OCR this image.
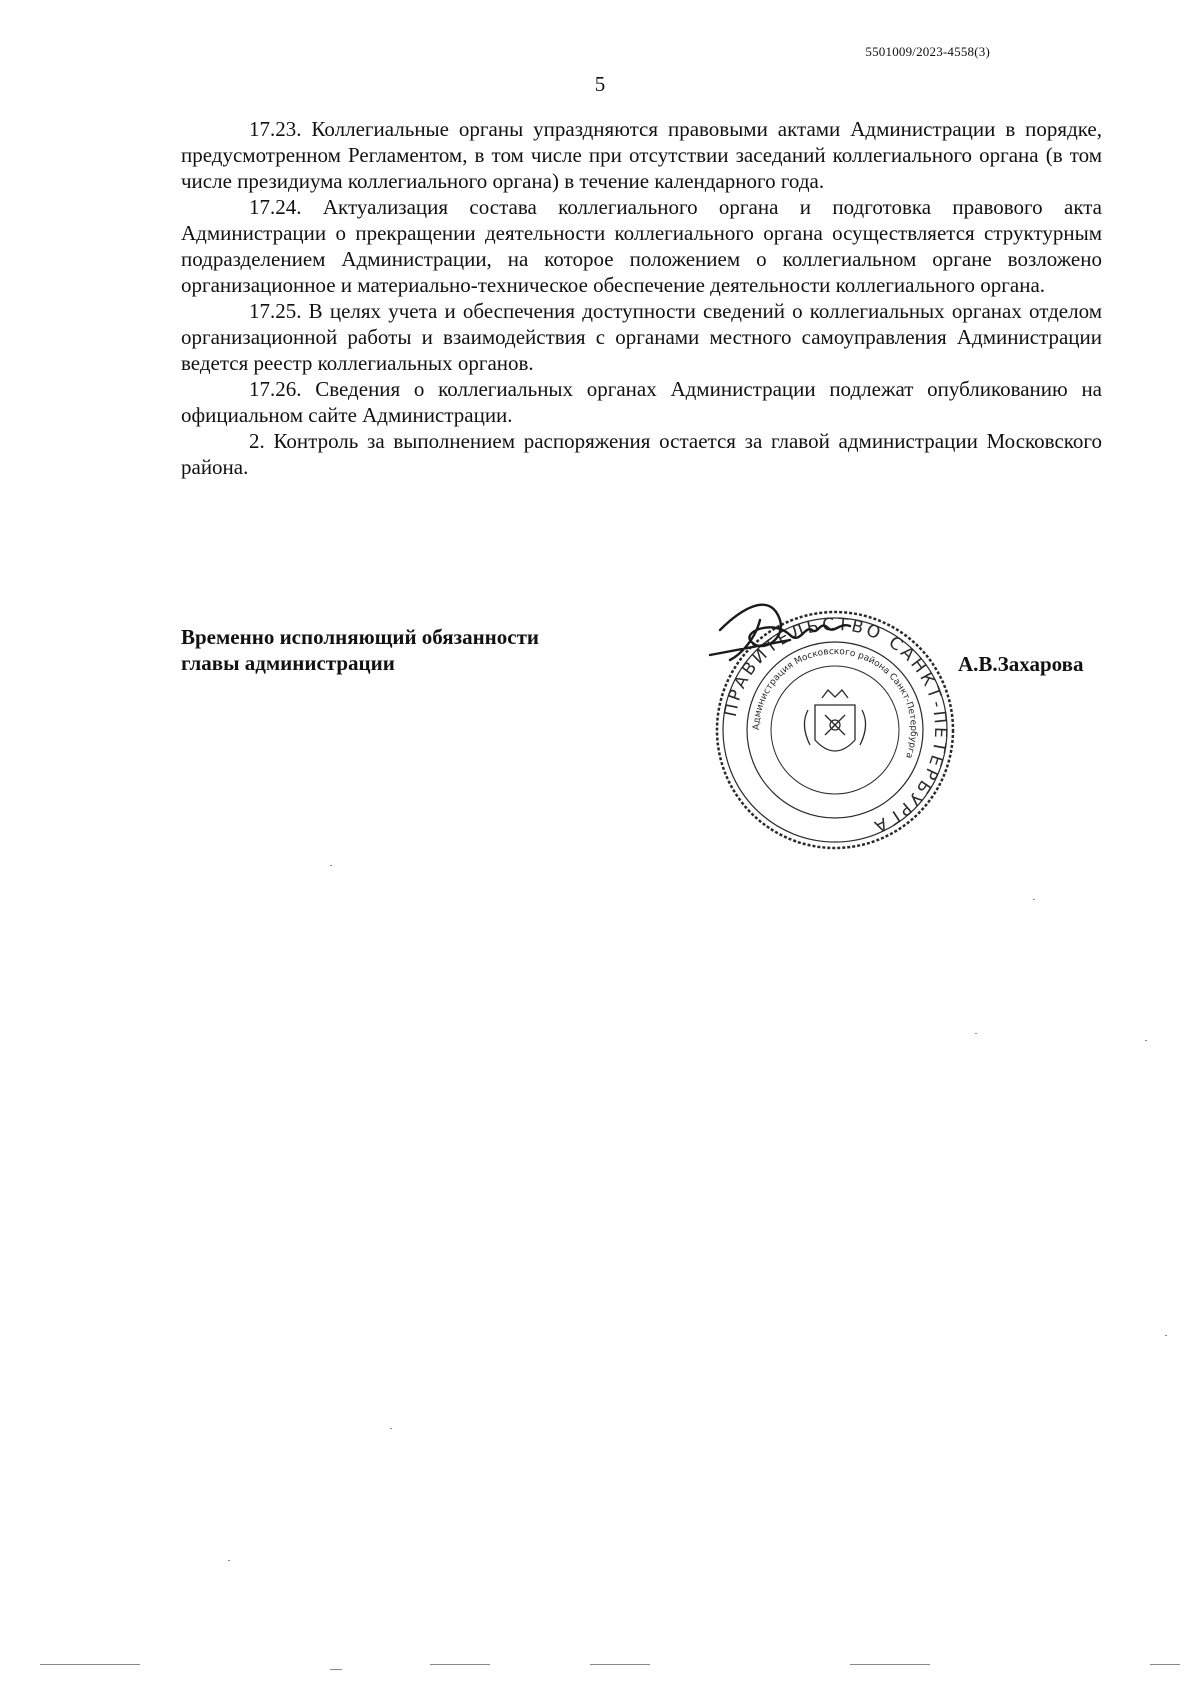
5501009/2023-4558(3)
5

17.23. Коллегиальные органы упраздняются правовыми актами Администрации в порядке, предусмотренном Регламентом, в том числе при отсутствии заседаний коллегиального органа (в том числе президиума коллегиального органа) в течение календарного года.

17.24. Актуализация состава коллегиального органа и подготовка правового акта Администрации о прекращении деятельности коллегиального органа осуществляется структурным подразделением Администрации, на которое положением о коллегиальном органе возложено организационное и материально-техническое обеспечение деятельности коллегиального органа.

17.25. В целях учета и обеспечения доступности сведений о коллегиальных органах отделом организационной работы и взаимодействия с органами местного самоуправления Администрации ведется реестр коллегиальных органов.

17.26. Сведения о коллегиальных органах Администрации подлежат опубликованию на официальном сайте Администрации.

2. Контроль за выполнением распоряжения остается за главой администрации Московского района.

Временно исполняющий обязанности
главы администрации
ПРАВИТЕЛЬСТВО САНКТ-ПЕТЕРБУРГА
Администрация Московского района Санкт-Петербурга
А.В.Захарова
